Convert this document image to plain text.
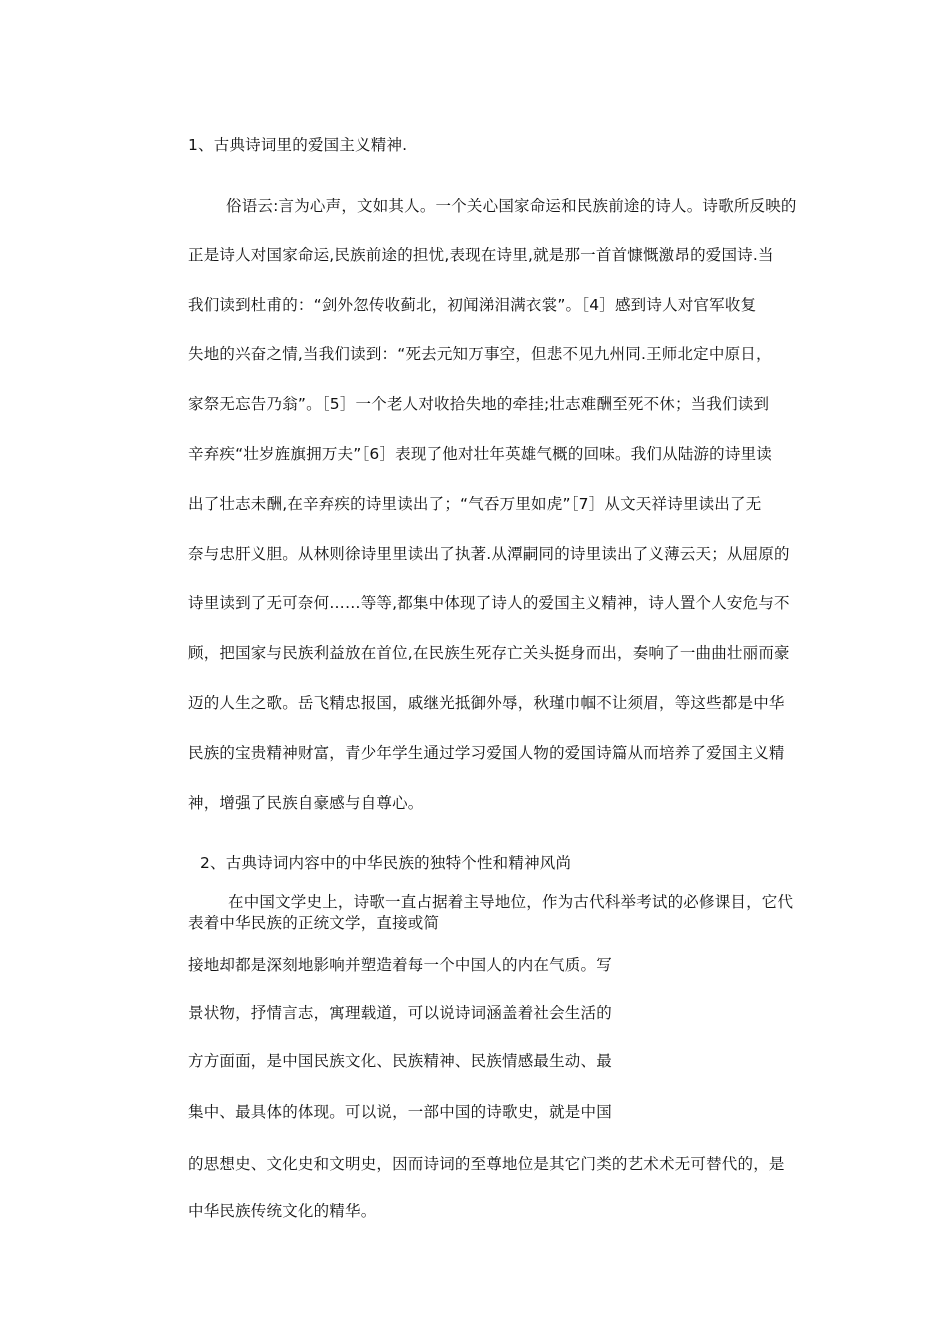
1、古典诗词里的爱国主义精神.
俗语云:言为心声，文如其人。一个关心国家命运和民族前途的诗人。诗歌所反映的
正是诗人对国家命运,民族前途的担忧,表现在诗里,就是那一首首慷慨激昂的爱国诗.当
我们读到杜甫的：“剑外忽传收蓟北，初闻涕泪满衣裳”。［4］感到诗人对官军收复
失地的兴奋之情,当我们读到：“死去元知万事空，但悲不见九州同.王师北定中原日，
家祭无忘告乃翁”。［5］一个老人对收拾失地的牵挂;壮志难酬至死不休；当我们读到
辛弃疾“壮岁旌旗拥万夫”［6］表现了他对壮年英雄气概的回味。我们从陆游的诗里读
出了壮志未酬,在辛弃疾的诗里读出了；“气吞万里如虎”［7］从文天祥诗里读出了无
奈与忠肝义胆。从林则徐诗里里读出了执著.从潭嗣同的诗里读出了义薄云天；从屈原的
诗里读到了无可奈何……等等,都集中体现了诗人的爱国主义精神，诗人置个人安危与不
顾，把国家与民族利益放在首位,在民族生死存亡关头挺身而出，奏响了一曲曲壮丽而豪
迈的人生之歌。岳飞精忠报国，戚继光抵御外辱，秋瑾巾帼不让须眉，等这些都是中华
民族的宝贵精神财富，青少年学生通过学习爱国人物的爱国诗篇从而培养了爱国主义精
神，增强了民族自豪感与自尊心。
2、古典诗词内容中的中华民族的独特个性和精神风尚
在中国文学史上，诗歌一直占据着主导地位，作为古代科举考试的必修课目，它代
表着中华民族的正统文学，直接或简
接地却都是深刻地影响并塑造着每一个中国人的内在气质。写
景状物，抒情言志，寓理载道，可以说诗词涵盖着社会生活的
方方面面，是中国民族文化、民族精神、民族情感最生动、最
集中、最具体的体现。可以说，一部中国的诗歌史，就是中国
的思想史、文化史和文明史，因而诗词的至尊地位是其它门类的艺术术无可替代的，是
中华民族传统文化的精华。
